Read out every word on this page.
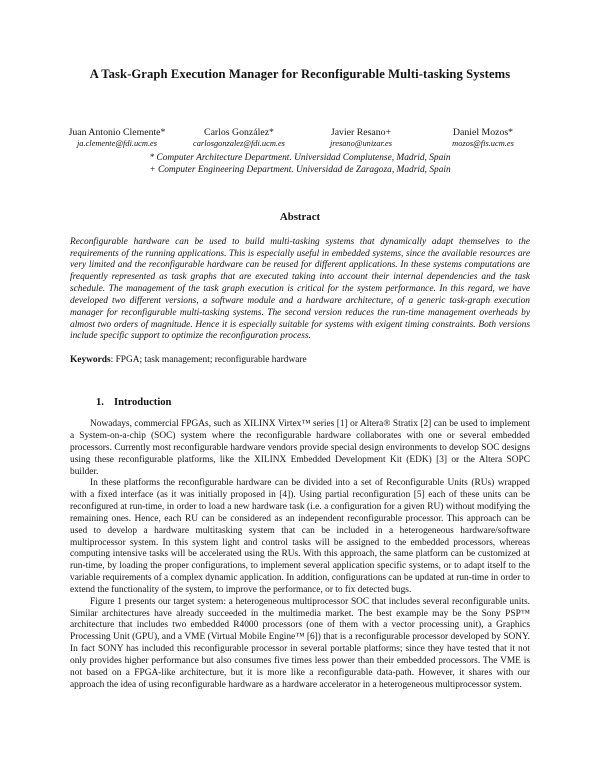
A Task-Graph Execution Manager for Reconfigurable Multi-tasking Systems
Juan Antonio Clemente*
ja.clemente@fdi.ucm.es
Carlos González*
carlosgonzalez@fdi.ucm.es
Javier Resano+
jresano@unizar.es
Daniel Mozos*
mozos@fis.ucm.es
* Computer Architecture Department. Universidad Complutense, Madrid, Spain
+ Computer Engineering Department. Universidad de Zaragoza, Madrid, Spain
Abstract

Reconfigurable hardware can be used to build multi-tasking systems that dynamically adapt themselves to the requirements of the running applications. This is especially useful in embedded systems, since the available resources are very limited and the reconfigurable hardware can be reused for different applications. In these systems computations are frequently represented as task graphs that are executed taking into account their internal dependencies and the task schedule. The management of the task graph execution is critical for the system performance. In this regard, we have developed two different versions, a software module and a hardware architecture, of a generic task-graph execution manager for reconfigurable multi-tasking systems. The second version reduces the run-time management overheads by almost two orders of magnitude. Hence it is especially suitable for systems with exigent timing constraints. Both versions include specific support to optimize the reconfiguration process.

Keywords: FPGA; task management; reconfigurable hardware

1. Introduction

Nowadays, commercial FPGAs, such as XILINX Virtex™ series [1] or Altera® Stratix [2] can be used to implement a System-on-a-chip (SOC) system where the reconfigurable hardware collaborates with one or several embedded processors. Currently most reconfigurable hardware vendors provide special design environments to develop SOC designs using these reconfigurable platforms, like the XILINX Embedded Development Kit (EDK) [3] or the Altera SOPC builder.

In these platforms the reconfigurable hardware can be divided into a set of Reconfigurable Units (RUs) wrapped with a fixed interface (as it was initially proposed in [4]). Using partial reconfiguration [5] each of these units can be reconfigured at run-time, in order to load a new hardware task (i.e. a configuration for a given RU) without modifying the remaining ones. Hence, each RU can be considered as an independent reconfigurable processor. This approach can be used to develop a hardware multitasking system that can be included in a heterogeneous hardware/software multiprocessor system. In this system light and control tasks will be assigned to the embedded processors, whereas computing intensive tasks will be accelerated using the RUs. With this approach, the same platform can be customized at run-time, by loading the proper configurations, to implement several application specific systems, or to adapt itself to the variable requirements of a complex dynamic application. In addition, configurations can be updated at run-time in order to extend the functionality of the system, to improve the performance, or to fix detected bugs.

Figure 1 presents our target system: a heterogeneous multiprocessor SOC that includes several reconfigurable units. Similar architectures have already succeeded in the multimedia market. The best example may be the Sony PSP™ architecture that includes two embedded R4000 processors (one of them with a vector processing unit), a Graphics Processing Unit (GPU), and a VME (Virtual Mobile Engine™ [6]) that is a reconfigurable processor developed by SONY. In fact SONY has included this reconfigurable processor in several portable platforms; since they have tested that it not only provides higher performance but also consumes five times less power than their embedded processors. The VME is not based on a FPGA-like architecture, but it is more like a reconfigurable data-path. However, it shares with our approach the idea of using reconfigurable hardware as a hardware accelerator in a heterogeneous multiprocessor system.
